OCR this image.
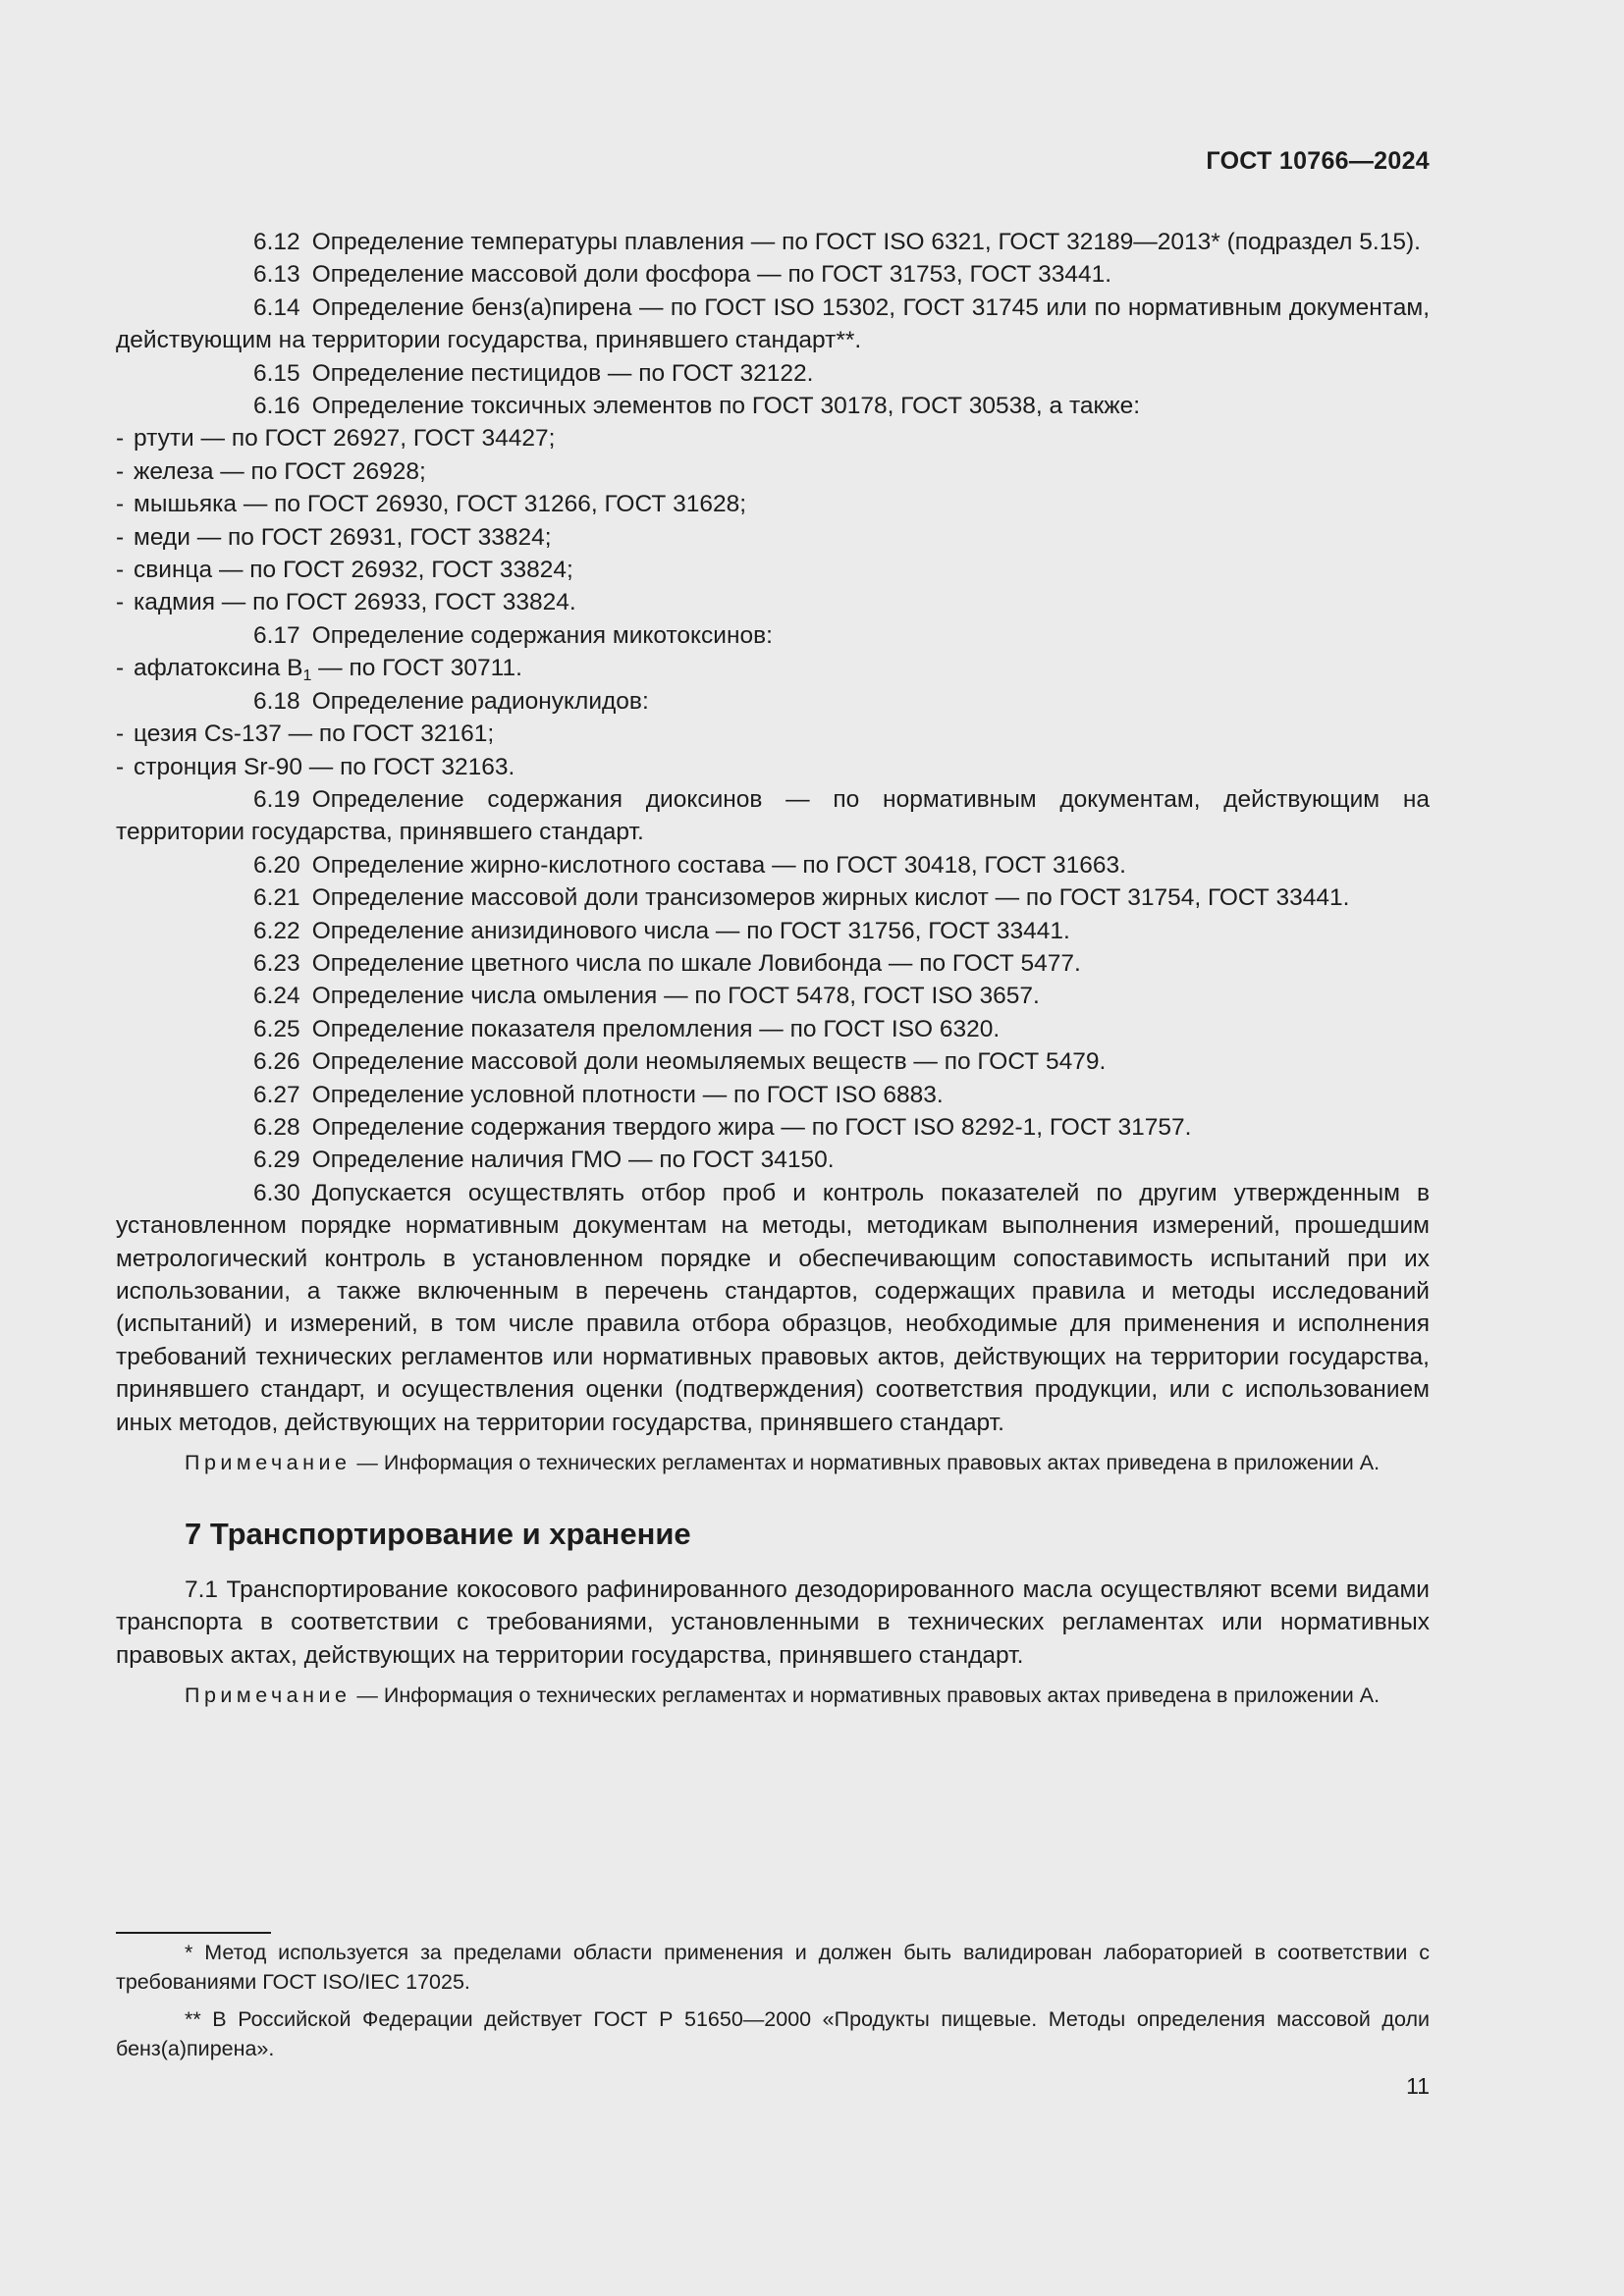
ГОСТ 10766—2024

6.12 Определение температуры плавления — по ГОСТ ISO 6321, ГОСТ 32189—2013* (подраздел 5.15).

6.13 Определение массовой доли фосфора — по ГОСТ 31753, ГОСТ 33441.

6.14 Определение бенз(а)пирена — по ГОСТ ISO 15302, ГОСТ 31745 или по нормативным документам, действующим на территории государства, принявшего стандарт**.

6.15 Определение пестицидов — по ГОСТ 32122.

6.16 Определение токсичных элементов по ГОСТ 30178, ГОСТ 30538, а также:

- ртути — по ГОСТ 26927, ГОСТ 34427;

- железа — по ГОСТ 26928;

- мышьяка — по ГОСТ 26930, ГОСТ 31266, ГОСТ 31628;

- меди — по ГОСТ 26931, ГОСТ 33824;

- свинца — по ГОСТ 26932, ГОСТ 33824;

- кадмия — по ГОСТ 26933, ГОСТ 33824.

6.17 Определение содержания микотоксинов:

- афлатоксина $B_1$ — по ГОСТ 30711.

6.18 Определение радионуклидов:

- цезия Cs-137 — по ГОСТ 32161;

- стронция Sr-90 — по ГОСТ 32163.

6.19 Определение содержания диоксинов — по нормативным документам, действующим на территории государства, принявшего стандарт.

6.20 Определение жирно-кислотного состава — по ГОСТ 30418, ГОСТ 31663.

6.21 Определение массовой доли трансизомеров жирных кислот — по ГОСТ 31754, ГОСТ 33441.

6.22 Определение анизидинового числа — по ГОСТ 31756, ГОСТ 33441.

6.23 Определение цветного числа по шкале Ловибонда — по ГОСТ 5477.

6.24 Определение числа омыления — по ГОСТ 5478, ГОСТ ISO 3657.

6.25 Определение показателя преломления — по ГОСТ ISO 6320.

6.26 Определение массовой доли неомыляемых веществ — по ГОСТ 5479.

6.27 Определение условной плотности — по ГОСТ ISO 6883.

6.28 Определение содержания твердого жира — по ГОСТ ISO 8292-1, ГОСТ 31757.

6.29 Определение наличия ГМО — по ГОСТ 34150.

6.30 Допускается осуществлять отбор проб и контроль показателей по другим утвержденным в установленном порядке нормативным документам на методы, методикам выполнения измерений, прошедшим метрологический контроль в установленном порядке и обеспечивающим сопоставимость испытаний при их использовании, а также включенным в перечень стандартов, содержащих правила и методы исследований (испытаний) и измерений, в том числе правила отбора образцов, необходимые для применения и исполнения требований технических регламентов или нормативных правовых актов, действующих на территории государства, принявшего стандарт, и осуществления оценки (подтверждения) соответствия продукции, или с использованием иных методов, действующих на территории государства, принявшего стандарт.

Примечание — Информация о технических регламентах и нормативных правовых актах приведена в приложении А.

7 Транспортирование и хранение

7.1 Транспортирование кокосового рафинированного дезодорированного масла осуществляют всеми видами транспорта в соответствии с требованиями, установленными в технических регламентах или нормативных правовых актах, действующих на территории государства, принявшего стандарт.

Примечание — Информация о технических регламентах и нормативных правовых актах приведена в приложении А.

* Метод используется за пределами области применения и должен быть валидирован лабораторией в соответствии с требованиями ГОСТ ISO/IEC 17025.

** В Российской Федерации действует ГОСТ Р 51650—2000 «Продукты пищевые. Методы определения массовой доли бенз(а)пирена».

11
